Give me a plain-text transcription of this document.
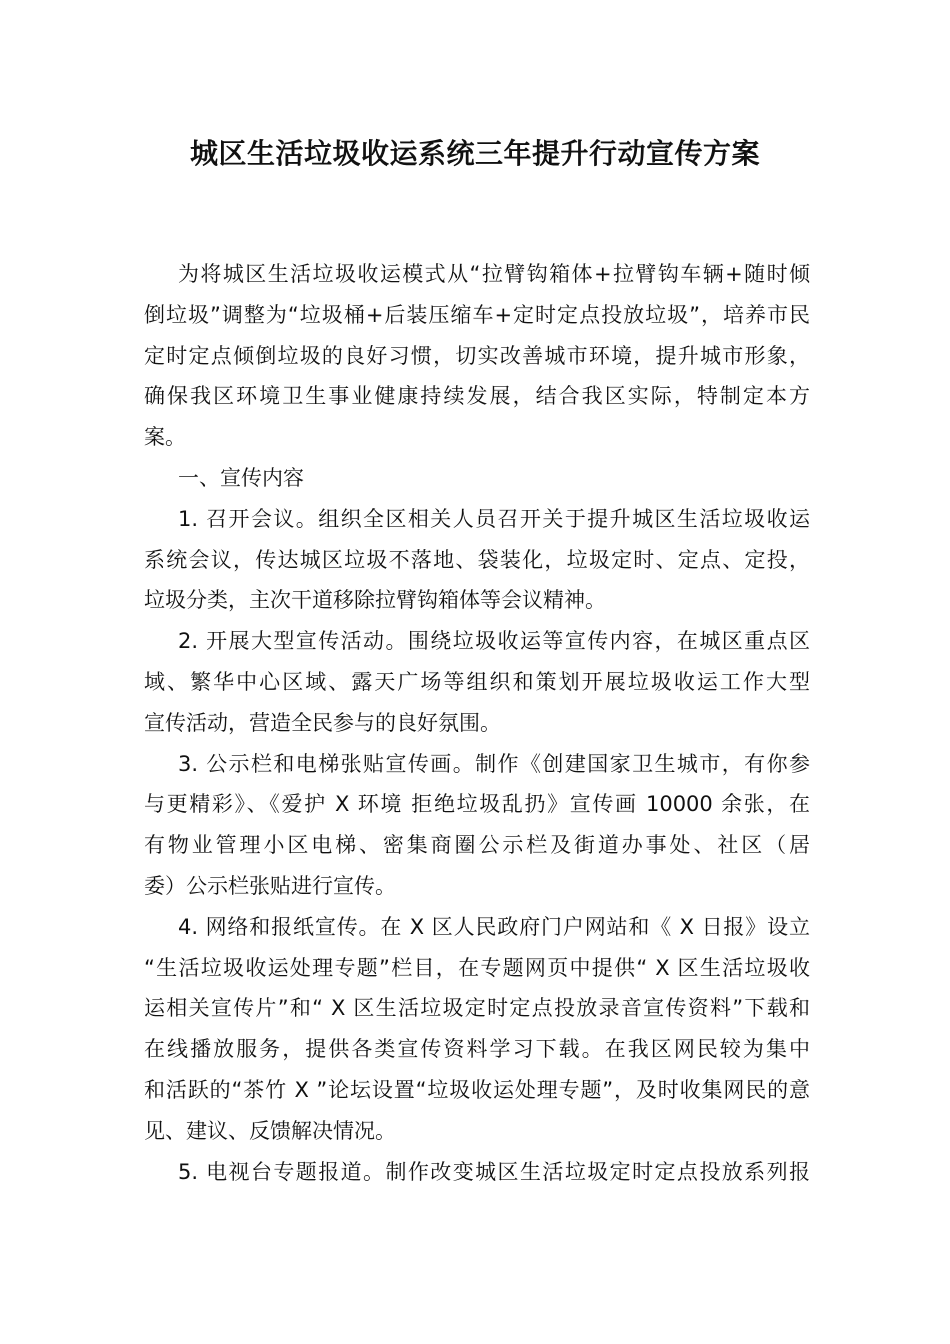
城区生活垃圾收运系统三年提升行动宣传方案
为将城区生活垃圾收运模式从“拉臂钩箱体+拉臂钩车辆+随时倾
倒垃圾”调整为“垃圾桶+后装压缩车+定时定点投放垃圾”，培养市民
定时定点倾倒垃圾的良好习惯，切实改善城市环境，提升城市形象，
确保我区环境卫生事业健康持续发展，结合我区实际，特制定本方
案。
一、宣传内容
1. 召开会议。组织全区相关人员召开关于提升城区生活垃圾收运
系统会议，传达城区垃圾不落地、袋装化，垃圾定时、定点、定投，
垃圾分类，主次干道移除拉臂钩箱体等会议精神。
2. 开展大型宣传活动。围绕垃圾收运等宣传内容，在城区重点区
域、繁华中心区域、露天广场等组织和策划开展垃圾收运工作大型
宣传活动，营造全民参与的良好氛围。
3. 公示栏和电梯张贴宣传画。制作《创建国家卫生城市，有你参
与更精彩》、《爱护 X 环境 拒绝垃圾乱扔》宣传画 10000 余张，在
有物业管理小区电梯、密集商圈公示栏及街道办事处、社区（居
委）公示栏张贴进行宣传。
4. 网络和报纸宣传。在 X 区人民政府门户网站和《 X 日报》设立
“生活垃圾收运处理专题”栏目，在专题网页中提供“ X 区生活垃圾收
运相关宣传片”和“ X 区生活垃圾定时定点投放录音宣传资料”下载和
在线播放服务，提供各类宣传资料学习下载。在我区网民较为集中
和活跃的“茶竹 X ”论坛设置“垃圾收运处理专题”，及时收集网民的意
见、建议、反馈解决情况。
5. 电视台专题报道。制作改变城区生活垃圾定时定点投放系列报
